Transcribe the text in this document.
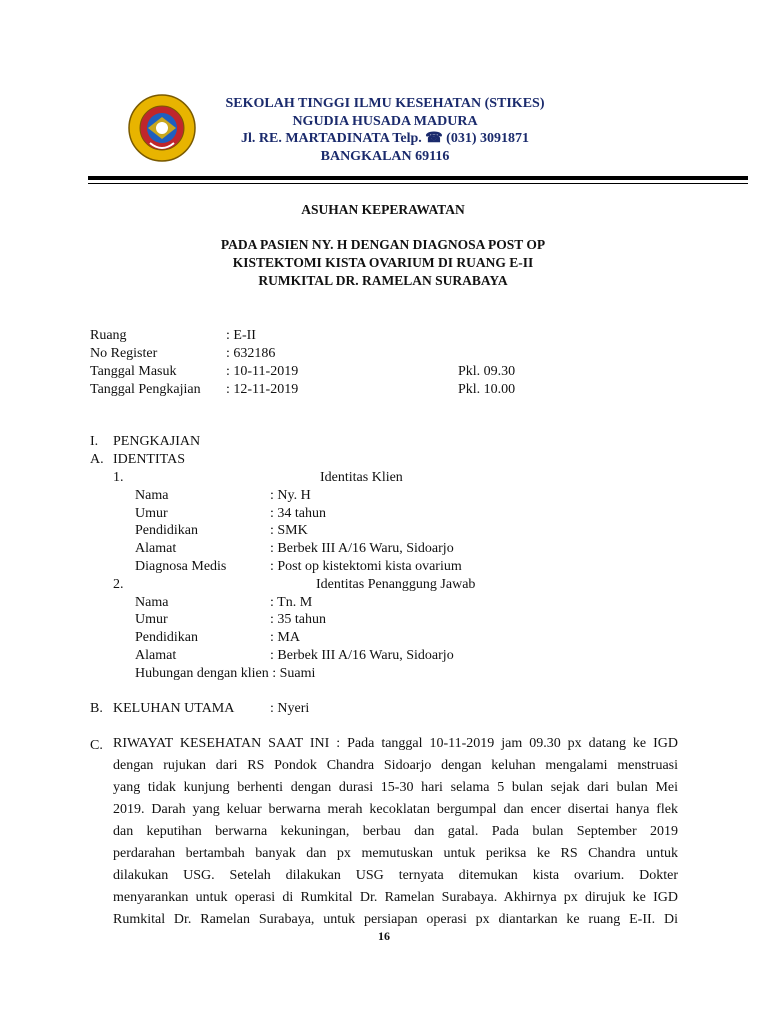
SEKOLAH TINGGI ILMU KESEHATAN (STIKES)
NGUDIA HUSADA MADURA
Jl. RE. MARTADINATA Telp. ☎ (031) 3091871
BANGKALAN 69116
ASUHAN KEPERAWATAN
PADA PASIEN NY. H DENGAN DIAGNOSA POST OP
KISTEKTOMI KISTA OVARIUM DI RUANG E-II
RUMKITAL DR. RAMELAN SURABAYA
Ruang	: E-II
No Register	: 632186
Tanggal Masuk	: 10-11-2019	Pkl. 09.30
Tanggal Pengkajian : 12-11-2019	Pkl. 10.00
I. PENGKAJIAN
A. IDENTITAS
1.	Identitas Klien
Nama	: Ny. H
Umur	: 34 tahun
Pendidikan	: SMK
Alamat	: Berbek III A/16 Waru, Sidoarjo
Diagnosa Medis	: Post op kistektomi kista ovarium
2.	Identitas Penanggung Jawab
Nama	: Tn. M
Umur	: 35 tahun
Pendidikan	: MA
Alamat	: Berbek III A/16 Waru, Sidoarjo
Hubungan dengan klien : Suami
B. KELUHAN UTAMA	: Nyeri
C. RIWAYAT KESEHATAN SAAT INI : Pada tanggal 10-11-2019 jam 09.30 px datang ke IGD
dengan rujukan dari RS Pondok Chandra Sidoarjo dengan keluhan mengalami menstruasi
yang tidak kunjung berhenti dengan durasi 15-30 hari selama 5 bulan sejak dari bulan Mei
2019. Darah yang keluar berwarna merah kecoklatan bergumpal dan encer disertai hanya flek
dan keputihan berwarna kekuningan, berbau dan gatal. Pada bulan September 2019
perdarahan bertambah banyak dan px memutuskan untuk periksa ke RS Chandra untuk
dilakukan USG. Setelah dilakukan USG ternyata ditemukan kista ovarium. Dokter
menyarankan untuk operasi di Rumkital Dr. Ramelan Surabaya. Akhirnya px dirujuk ke IGD
Rumkital Dr. Ramelan Surabaya, untuk persiapan operasi px diantarkan ke ruang E-II. Di
16
